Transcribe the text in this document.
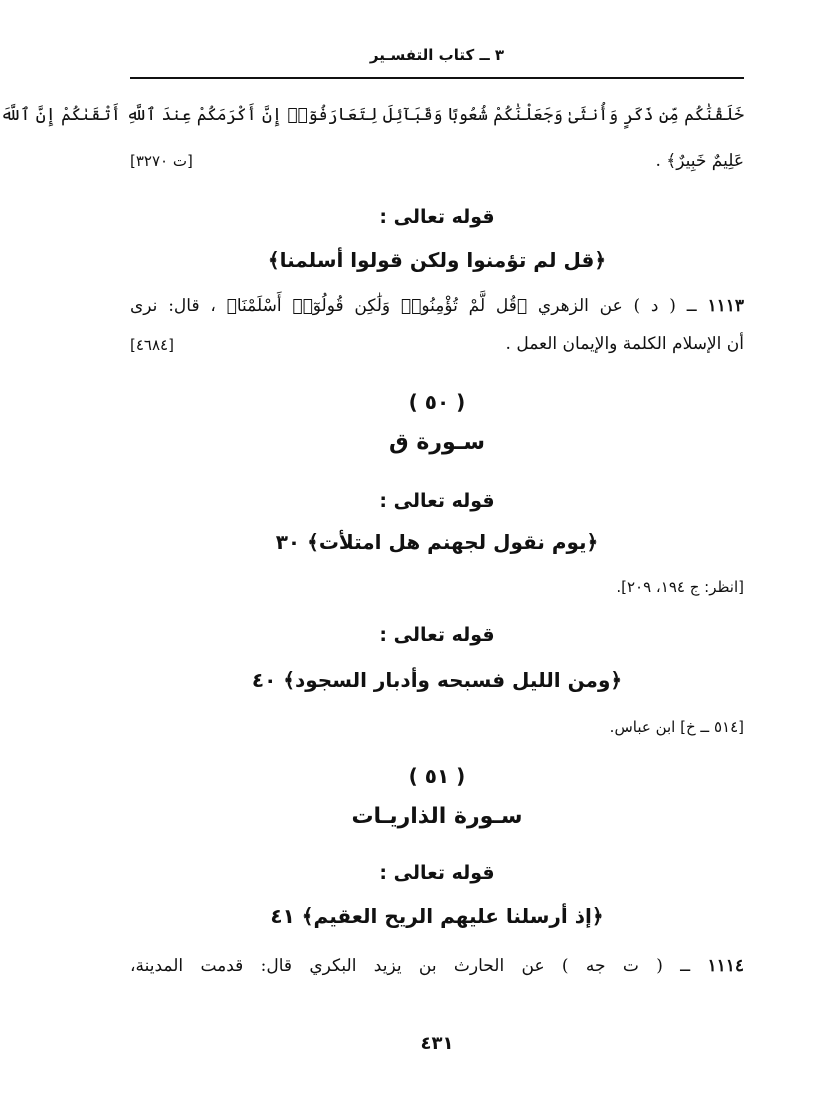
٣ ــ كتاب التفسـير
خَلَقْنَٰكُم مِّن ذَكَرٍ وَأُنثَىٰ وَجَعَلْنَٰكُمْ شُعُوبًا وَقَبَآئِلَ لِتَعَارَفُوٓا۟ إِنَّ أَكْرَمَكُمْ عِندَ ٱللَّهِ أَتْقَىٰكُمْ إِنَّ ٱللَّهَ
عَلِيمٌ خَبِيرٌ﴾ .
[ت ٣٢٧٠]
قوله تعالى :
﴿قل لم تؤمنوا ولكن قولوا أسلمنا﴾
١١١٣ ــ ( د ) عن الزهري ﴿قُل لَّمْ تُؤْمِنُوا۟ وَلَٰكِن قُولُوٓا۟ أَسْلَمْنَا﴾ ، قال: نرى
أن الإسلام الكلمة والإيمان العمل .
[٤٦٨٤]
( ٥٠ )
سـورة ق
قوله تعالى :
﴿يوم نقول لجهنم هل امتلأت﴾ ٣٠
[انظر: ج ١٩٤، ٢٠٩].
قوله تعالى :
﴿ومن الليل فسبحه وأدبار السجود﴾ ٤٠
[٥١٤ ــ خ] ابن عباس.
( ٥١ )
سـورة الذاريـات
قوله تعالى :
﴿إذ أرسلنا عليهم الريح العقيم﴾ ٤١
١١١٤ ــ ( ت جه ) عن الحارث بن يزيد البكري قال: قدمت المدينة،
٤٣١
